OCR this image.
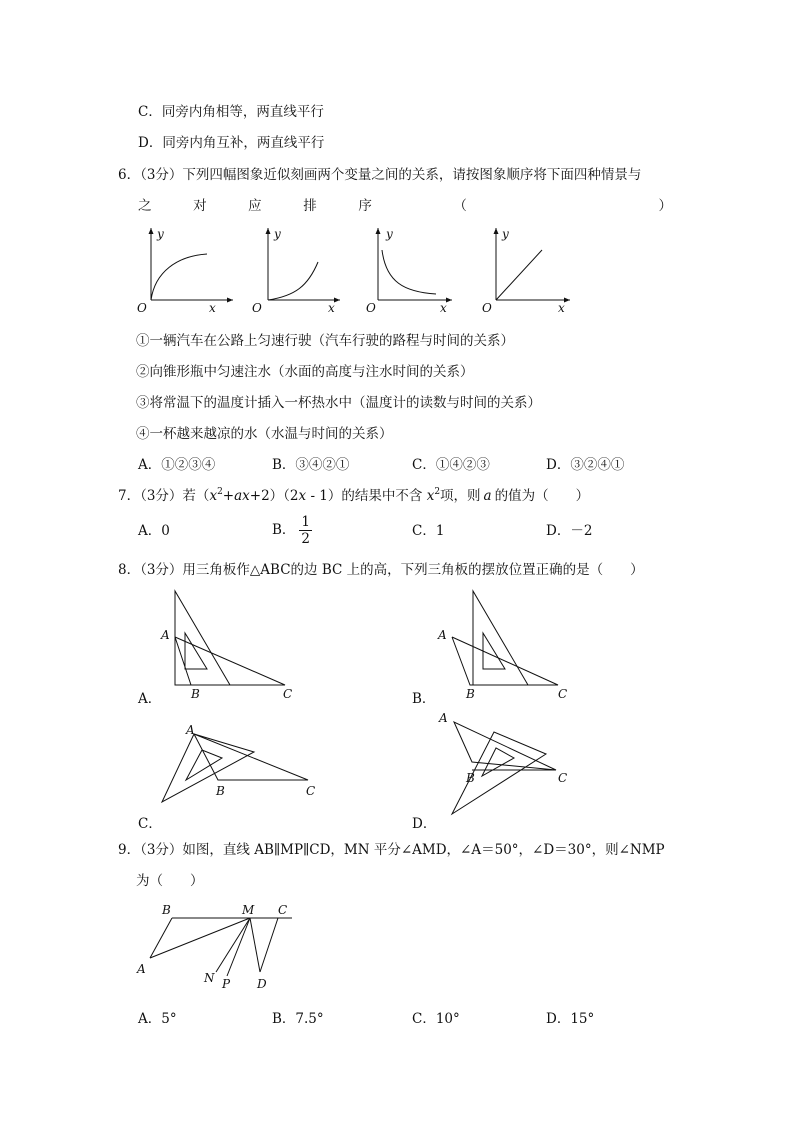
C．同旁内角相等，两直线平行
D．同旁内角互补，两直线平行
6．（3分）下列四幅图象近似刻画两个变量之间的关系，请按图象顺序将下面四种情景与
之	对	应	排	序	（	）
y
x
O
y
x
O
y
x
O
y
x
O
①一辆汽车在公路上匀速行驶（汽车行驶的路程与时间的关系）
②向锥形瓶中匀速注水（水面的高度与注水时间的关系）
③将常温下的温度计插入一杯热水中（温度计的读数与时间的关系）
④一杯越来越凉的水（水温与时间的关系）
A．①②③④	B．③④②①	C．①④②③	D．③②④①
7．（3分）若$(x^2+ax+2)(2x - 1)$的结果中不含 $x^2$项，则 a 的值为（　　）
A．0	B． $\frac{1}{2}$	C．1	D．－2
8．（3分）用三角板作△ABC的边 BC 上的高，下列三角板的摆放位置正确的是（　　）
A
B	C
A．
A
B	C
B．
A
B	C
C．
A
B	C
D．
9．（3分）如图，直线 AB∥MP∥CD，MN 平分∠AMD，∠A＝50°，∠D＝30°，则∠NMP
为（　　）
B	M C
A
N P D
A．5°	B．7.5°	C．10°	D．15°
